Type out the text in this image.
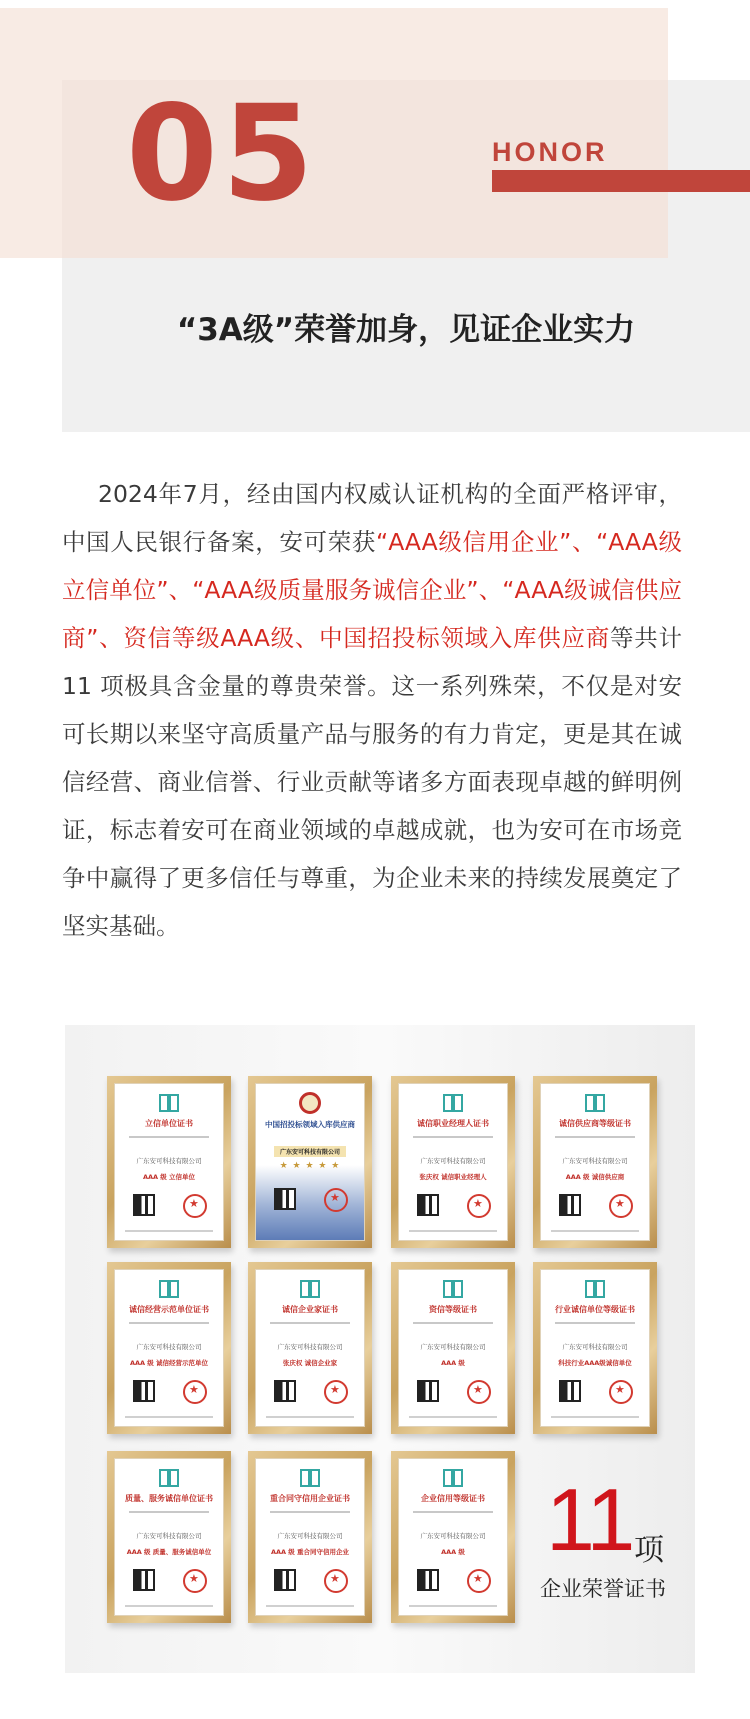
05	HONOR
“3A级”荣誉加身，见证企业实力
2024年7月，经由国内权威认证机构的全面严格评审，中国人民银行备案，安可荣获“AAA级信用企业”、“AAA级立信单位”、“AAA级质量服务诚信企业”、“AAA级诚信供应商”、资信等级AAA级、中国招投标领域入库供应商等共计 11 项极具含金量的尊贵荣誉。这一系列殊荣，不仅是对安可长期以来坚守高质量产品与服务的有力肯定，更是其在诚信经营、商业信誉、行业贡献等诸多方面表现卓越的鲜明例证，标志着安可在商业领域的卓越成就，也为安可在市场竞争中赢得了更多信任与尊重，为企业未来的持续发展奠定了坚实基础。
立信单位证书
广东安可科技有限公司
AAA 级 立信单位
★
中国招投标领域入库供应商
广东安可科技有限公司
★ ★ ★ ★ ★
★
诚信职业经理人证书
广东安可科技有限公司
张庆权 诚信职业经理人
★
诚信供应商等级证书
广东安可科技有限公司
AAA 级 诚信供应商
★
诚信经营示范单位证书
广东安可科技有限公司
AAA 级 诚信经营示范单位
★
诚信企业家证书
广东安可科技有限公司
张庆权 诚信企业家
★
资信等级证书
广东安可科技有限公司
AAA 级
★
行业诚信单位等级证书
广东安可科技有限公司
科技行业AAA级诚信单位
★
质量、服务诚信单位证书
广东安可科技有限公司
AAA 级 质量、服务诚信单位
★
重合同守信用企业证书
广东安可科技有限公司
AAA 级 重合同守信用企业
★
企业信用等级证书
广东安可科技有限公司
AAA 级
★ 11 项
企业荣誉证书
